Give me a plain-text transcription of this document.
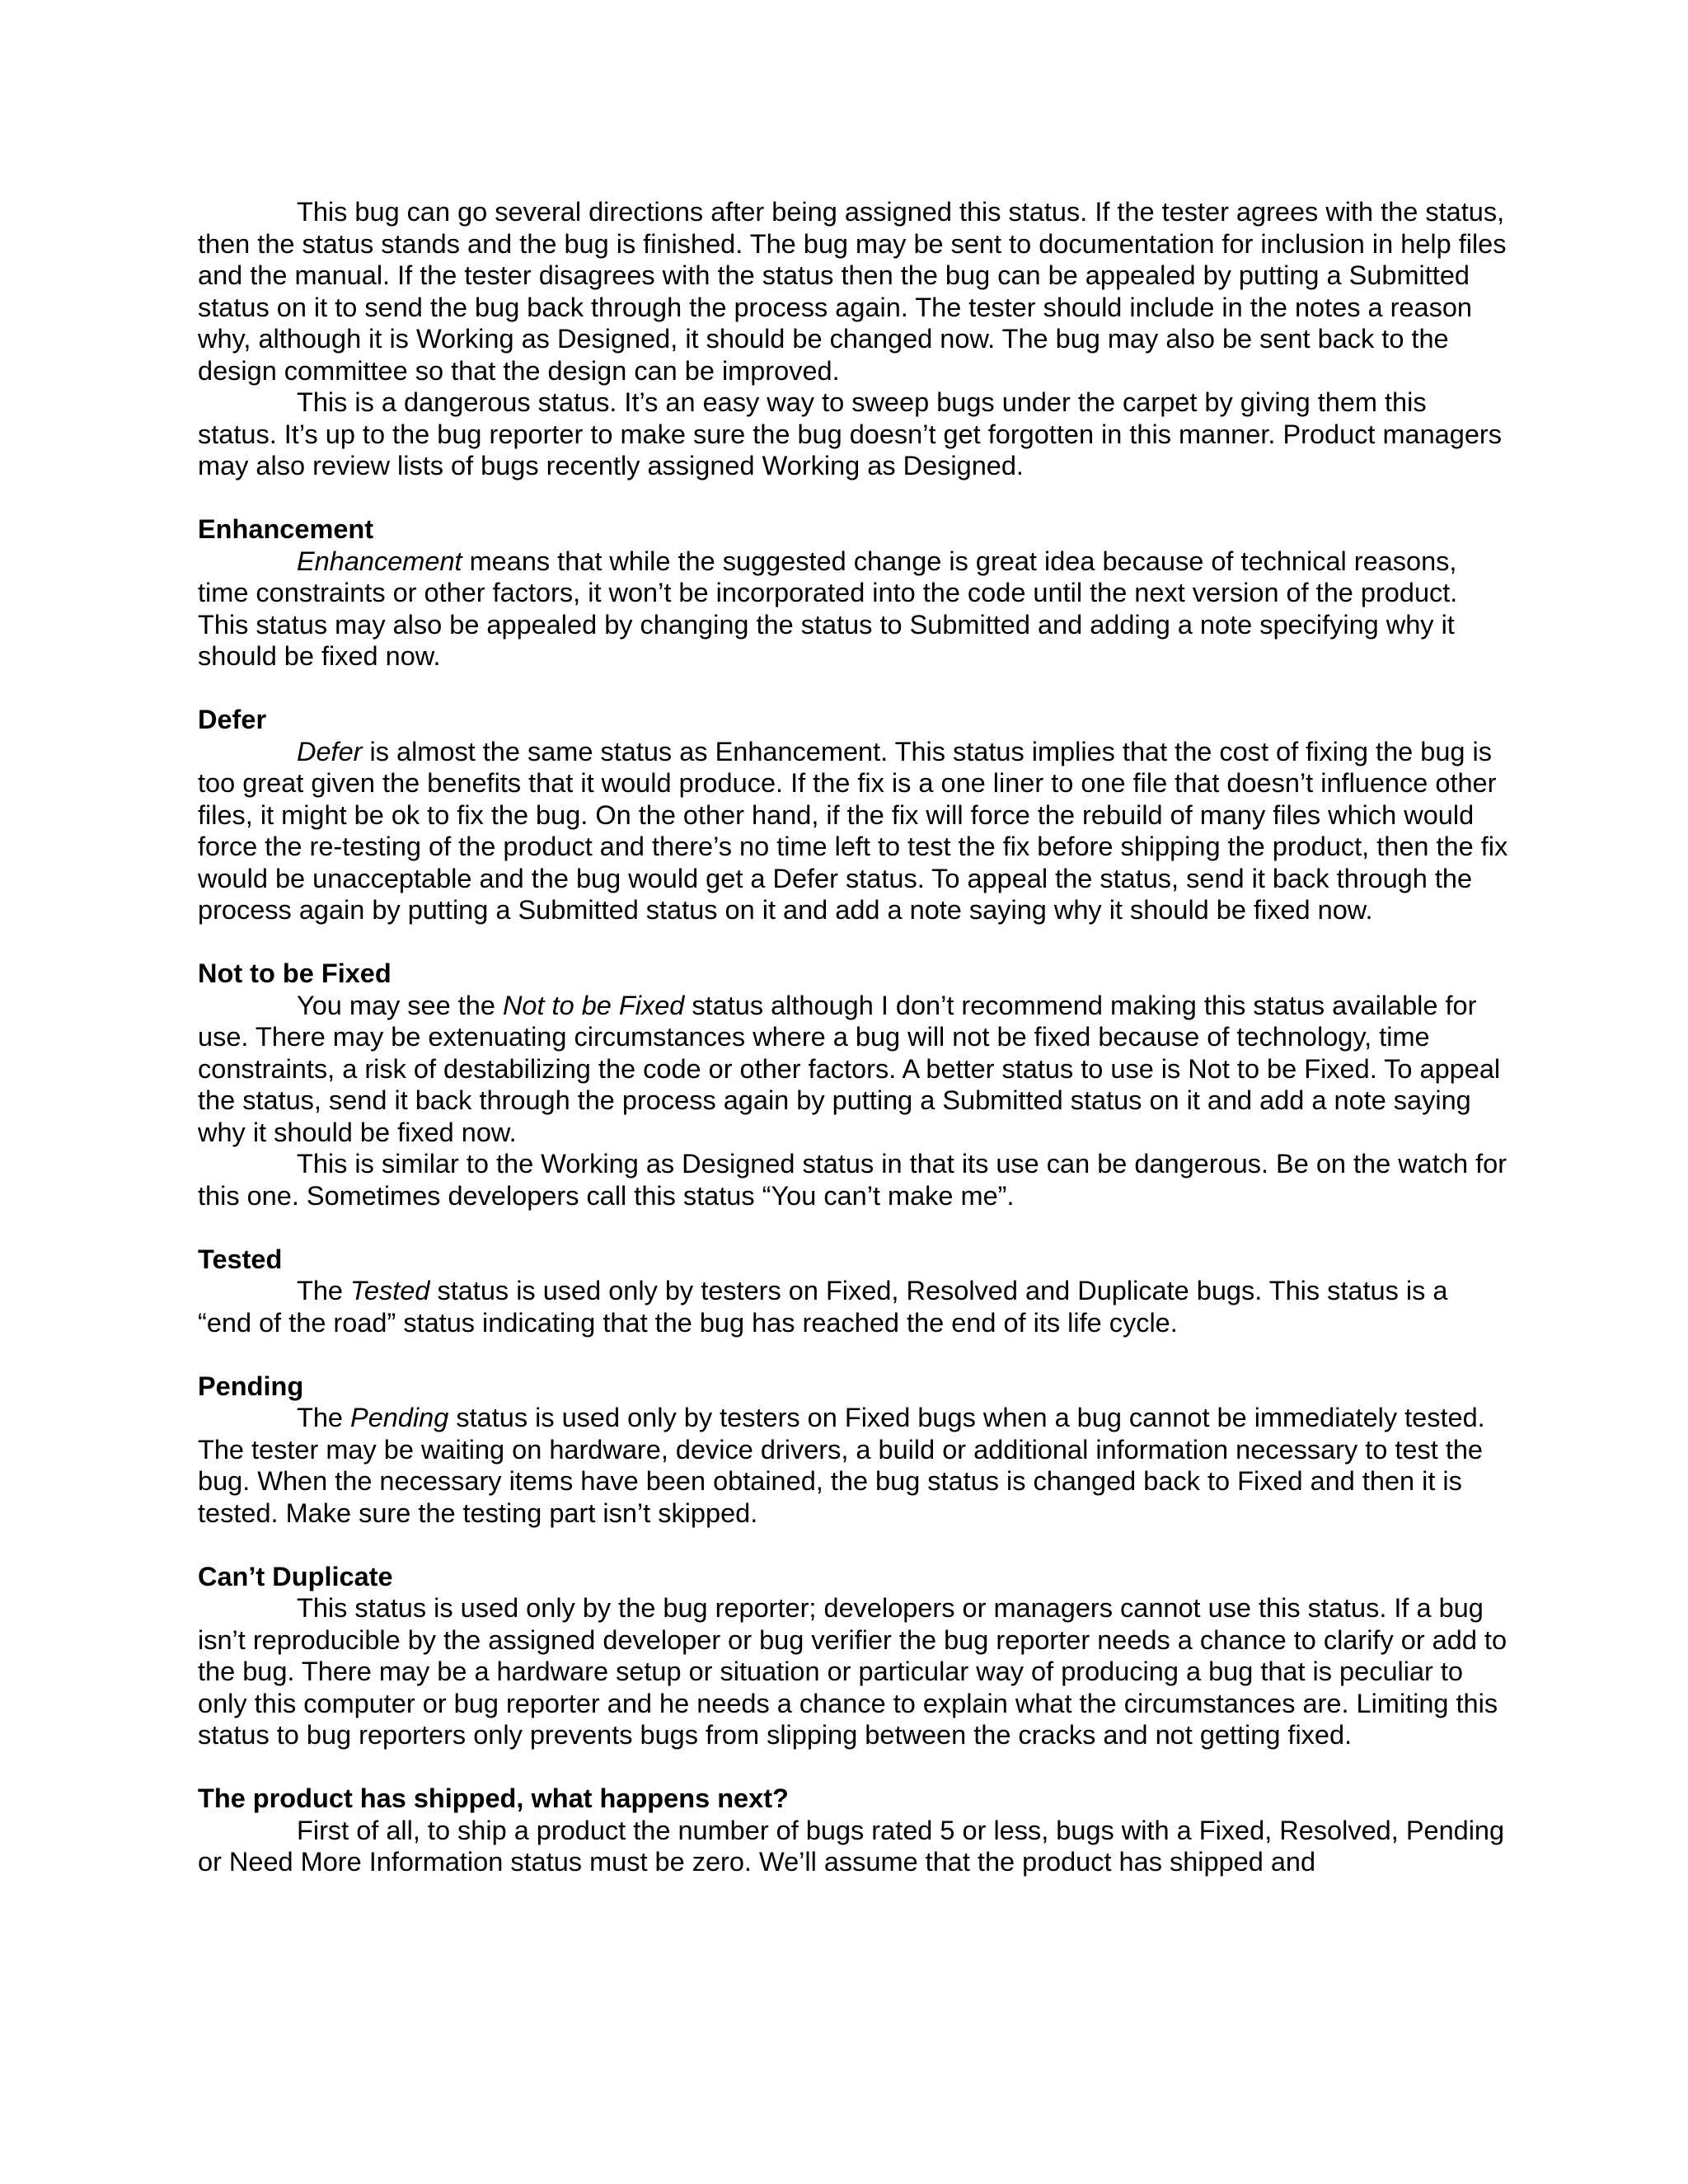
This bug can go several directions after being assigned this status. If the tester agrees with the status, then the status stands and the bug is finished. The bug may be sent to documentation for inclusion in help files and the manual. If the tester disagrees with the status then the bug can be appealed by putting a Submitted status on it to send the bug back through the process again. The tester should include in the notes a reason why, although it is Working as Designed, it should be changed now. The bug may also be sent back to the design committee so that the design can be improved.

This is a dangerous status. It’s an easy way to sweep bugs under the carpet by giving them this status. It’s up to the bug reporter to make sure the bug doesn’t get forgotten in this manner. Product managers may also review lists of bugs recently assigned Working as Designed.

Enhancement

Enhancement means that while the suggested change is great idea because of technical reasons, time constraints or other factors, it won’t be incorporated into the code until the next version of the product.

This status may also be appealed by changing the status to Submitted and adding a note specifying why it should be fixed now.

Defer

Defer is almost the same status as Enhancement. This status implies that the cost of fixing the bug is too great given the benefits that it would produce. If the fix is a one liner to one file that doesn’t influence other files, it might be ok to fix the bug. On the other hand, if the fix will force the rebuild of many files which would force the re-testing of the product and there’s no time left to test the fix before shipping the product, then the fix would be unacceptable and the bug would get a Defer status. To appeal the status, send it back through the process again by putting a Submitted status on it and add a note saying why it should be fixed now.

Not to be Fixed

You may see the Not to be Fixed status although I don’t recommend making this status available for use. There may be extenuating circumstances where a bug will not be fixed because of technology, time constraints, a risk of destabilizing the code or other factors. A better status to use is Not to be Fixed. To appeal the status, send it back through the process again by putting a Submitted status on it and add a note saying why it should be fixed now.

This is similar to the Working as Designed status in that its use can be dangerous. Be on the watch for this one. Sometimes developers call this status “You can’t make me”.

Tested

The Tested status is used only by testers on Fixed, Resolved and Duplicate bugs. This status is a “end of the road” status indicating that the bug has reached the end of its life cycle.

Pending

The Pending status is used only by testers on Fixed bugs when a bug cannot be immediately tested. The tester may be waiting on hardware, device drivers, a build or additional information necessary to test the bug. When the necessary items have been obtained, the bug status is changed back to Fixed and then it is tested. Make sure the testing part isn’t skipped.

Can’t Duplicate

This status is used only by the bug reporter; developers or managers cannot use this status. If a bug isn’t reproducible by the assigned developer or bug verifier the bug reporter needs a chance to clarify or add to the bug. There may be a hardware setup or situation or particular way of producing a bug that is peculiar to only this computer or bug reporter and he needs a chance to explain what the circumstances are. Limiting this status to bug reporters only prevents bugs from slipping between the cracks and not getting fixed.

The product has shipped, what happens next?

First of all, to ship a product the number of bugs rated 5 or less, bugs with a Fixed, Resolved, Pending or Need More Information status must be zero. We’ll assume that the product has shipped and
